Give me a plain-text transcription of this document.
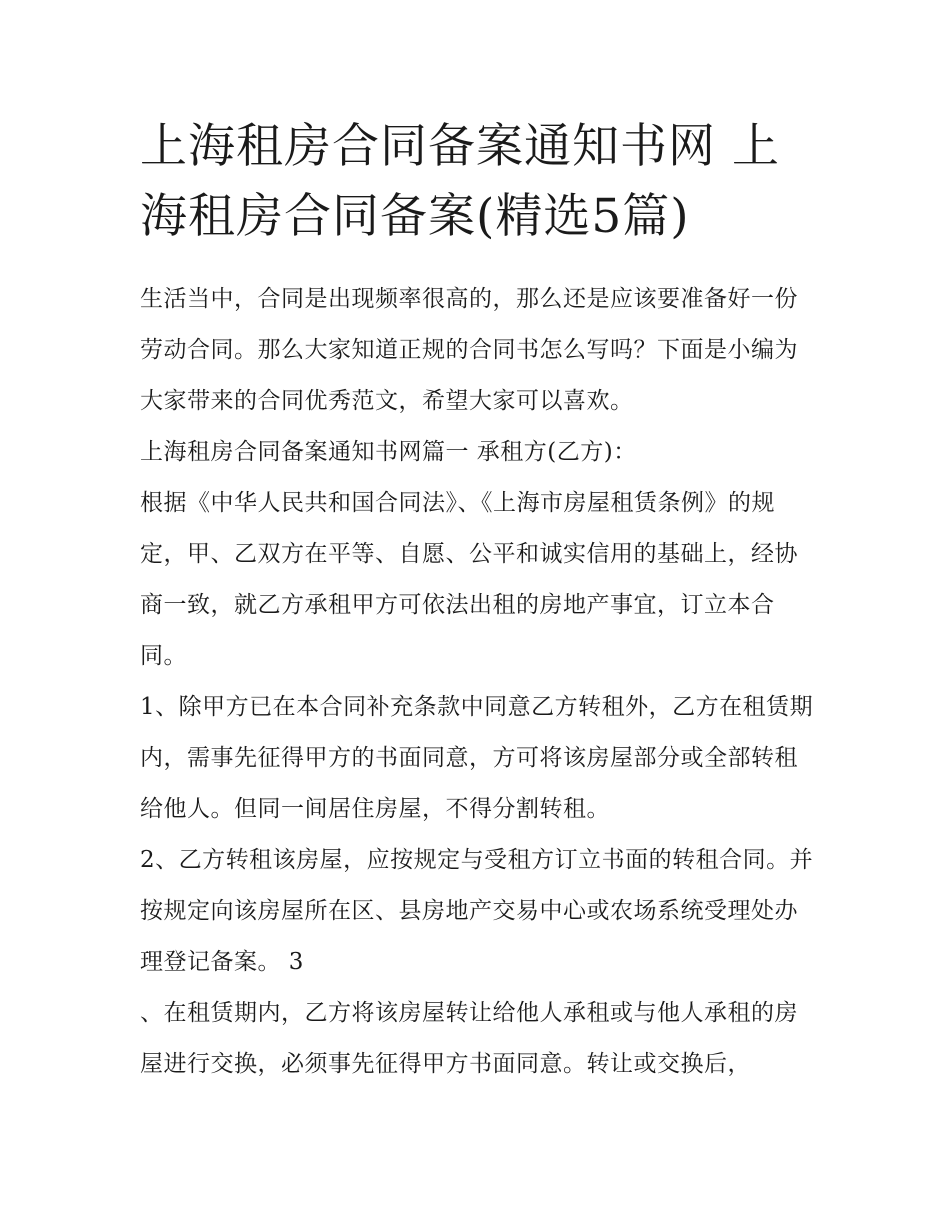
上海租房合同备案通知书网 上海租房合同备案(精选5篇)

生活当中，合同是出现频率很高的，那么还是应该要准备好一份劳动合同。那么大家知道正规的合同书怎么写吗？下面是小编为大家带来的合同优秀范文，希望大家可以喜欢。

上海租房合同备案通知书网篇一 承租方(乙方)：

根据《中华人民共和国合同法》、《上海市房屋租赁条例》的规定，甲、乙双方在平等、自愿、公平和诚实信用的基础上，经协商一致，就乙方承租甲方可依法出租的房地产事宜，订立本合同。

1、除甲方已在本合同补充条款中同意乙方转租外，乙方在租赁期内，需事先征得甲方的书面同意，方可将该房屋部分或全部转租给他人。但同一间居住房屋，不得分割转租。

2、乙方转租该房屋，应按规定与受租方订立书面的转租合同。并按规定向该房屋所在区、县房地产交易中心或农场系统受理处办理登记备案。 3

、在租赁期内，乙方将该房屋转让给他人承租或与他人承租的房屋进行交换，必须事先征得甲方书面同意。转让或交换后，
